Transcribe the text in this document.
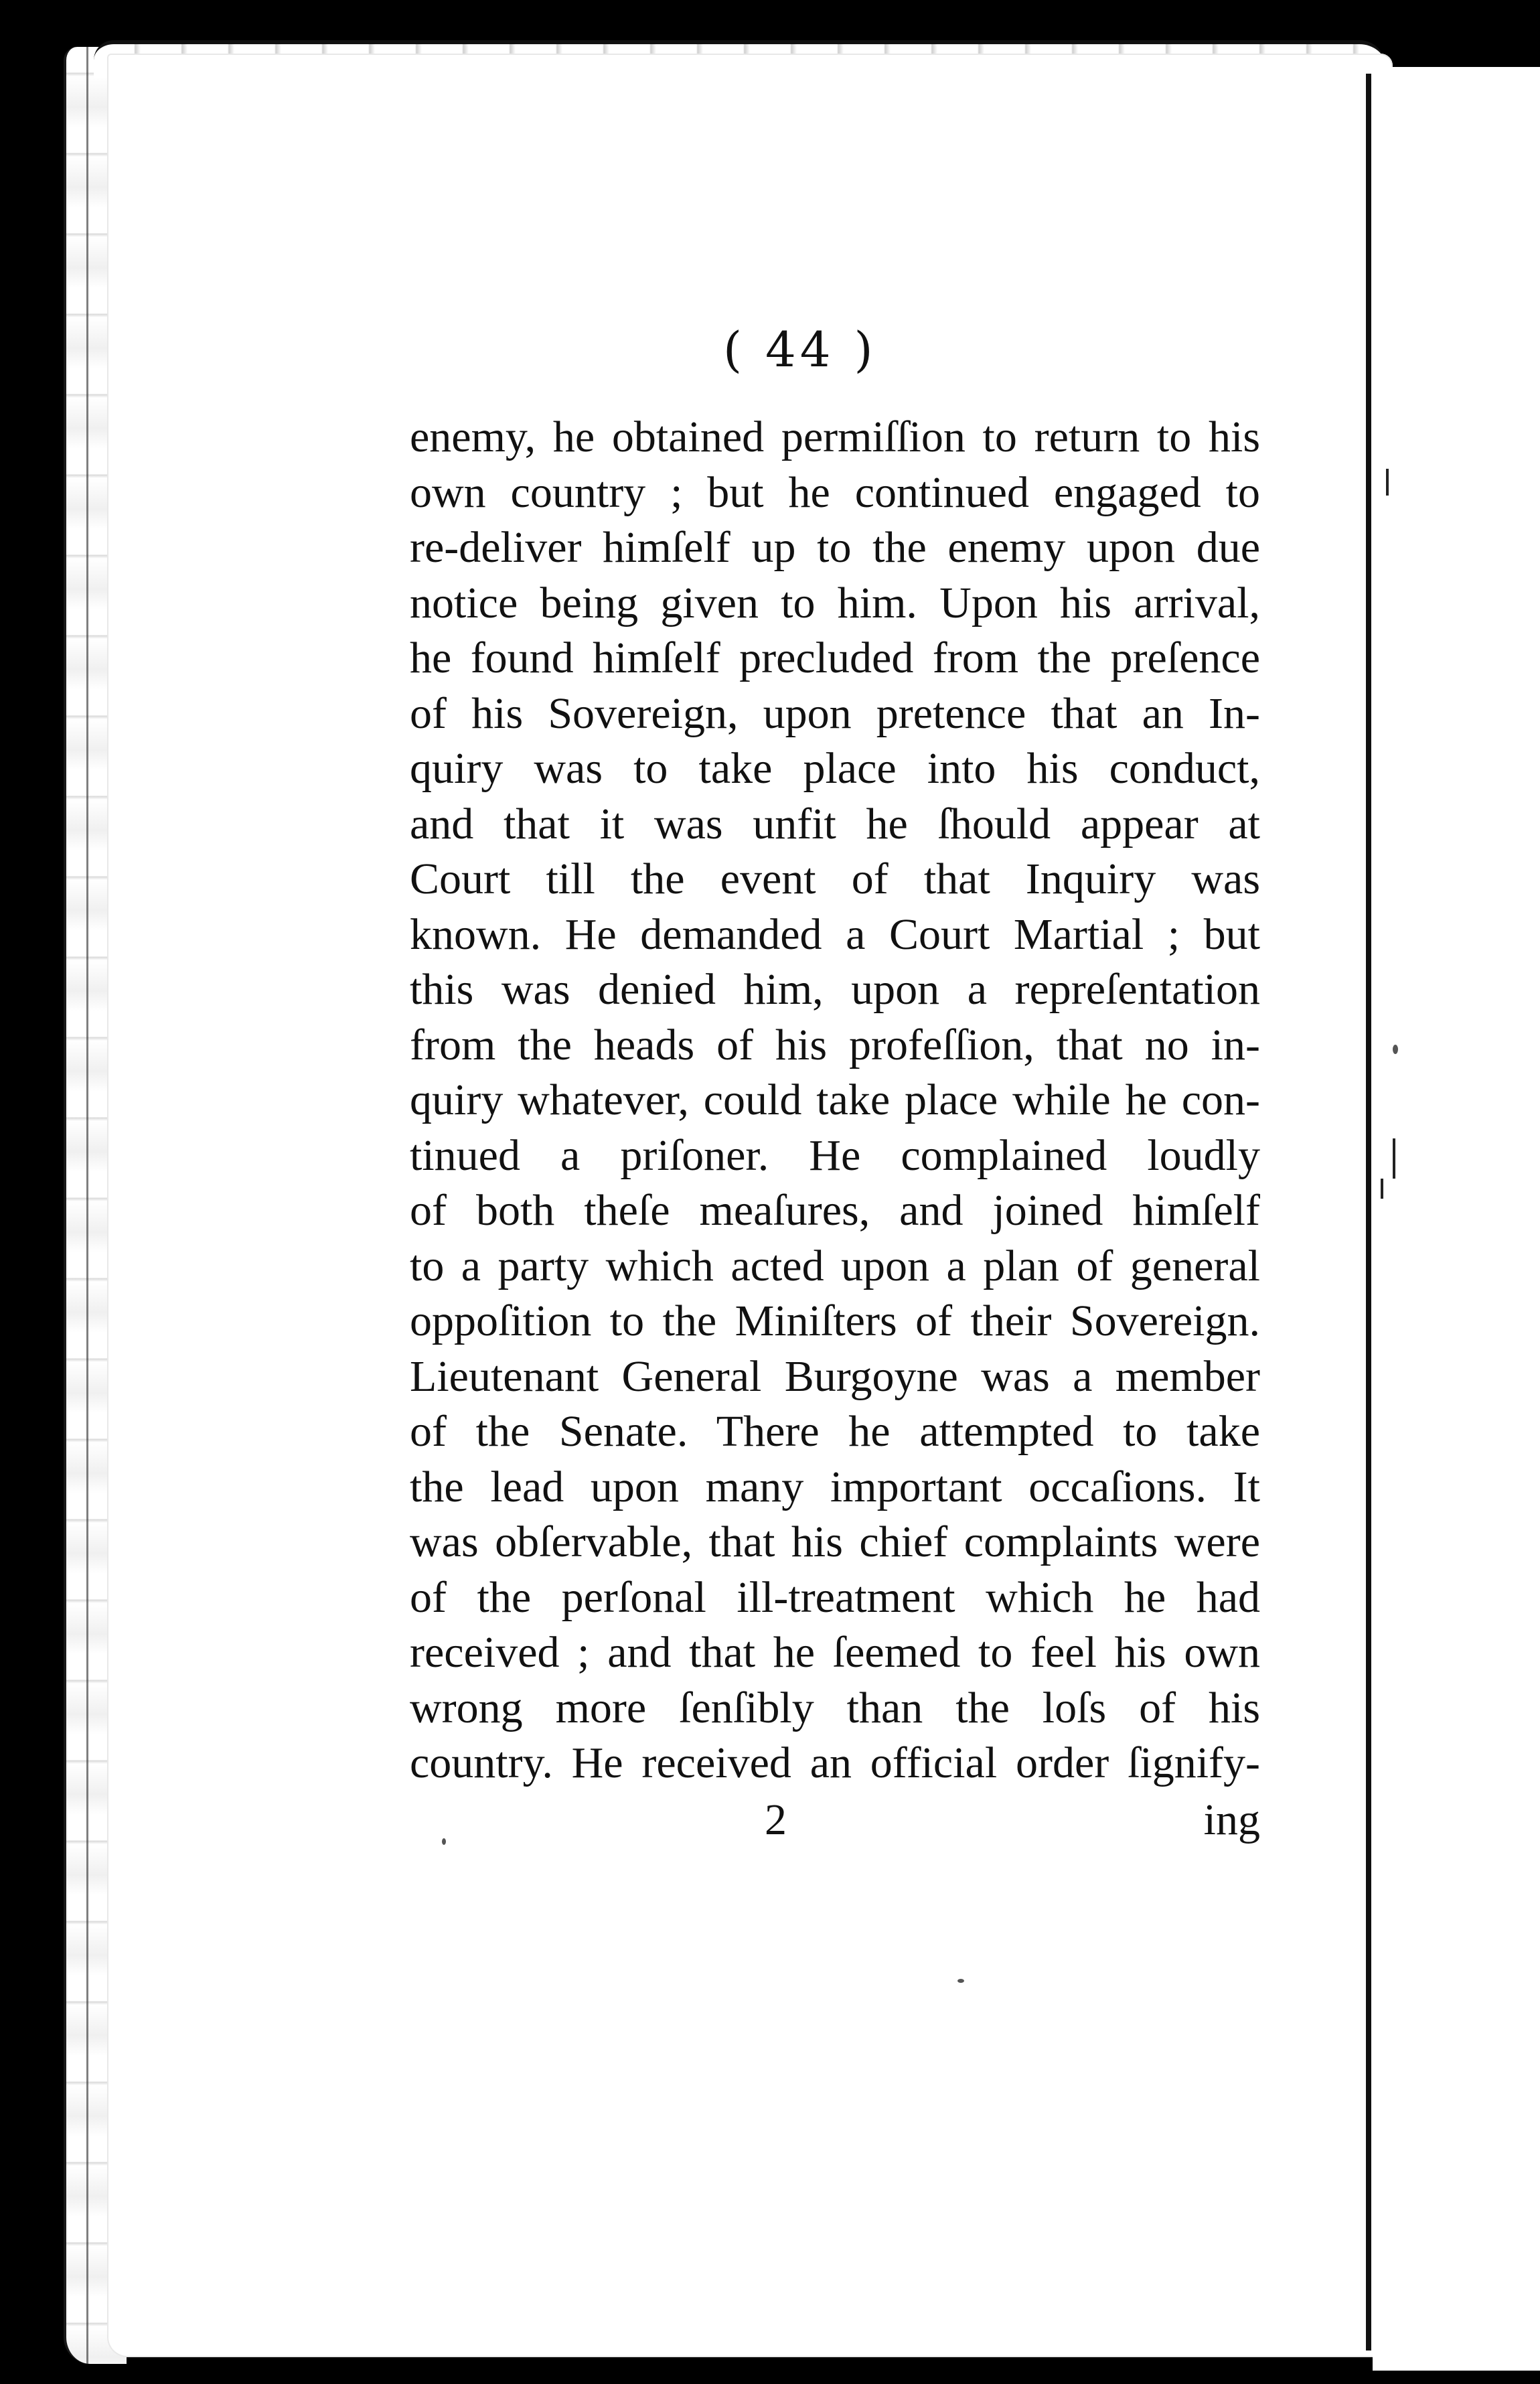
( 44 )
enemy, he obtained permiſſion to return to his
own country ; but he continued engaged to
re-deliver himſelf up to the enemy upon due
notice being given to him. Upon his arrival,
he found himſelf precluded from the preſence
of his Sovereign, upon pretence that an In-
quiry was to take place into his conduct,
and that it was unfit he ſhould appear at
Court till the event of that Inquiry was
known. He demanded a Court Martial ; but
this was denied him, upon a repreſentation
from the heads of his profeſſion, that no in-
quiry whatever, could take place while he con-
tinued a priſoner. He complained loudly
of both theſe meaſures, and joined himſelf
to a party which acted upon a plan of general
oppoſition to the Miniſters of their Sovereign.
Lieutenant General Burgoyne was a member
of the Senate. There he attempted to take
the lead upon many important occaſions. It
was obſervable, that his chief complaints were
of the perſonal ill-treatment which he had
received ; and that he ſeemed to feel his own
wrong more ſenſibly than the loſs of his
country. He received an official order ſignify-
2	ing
